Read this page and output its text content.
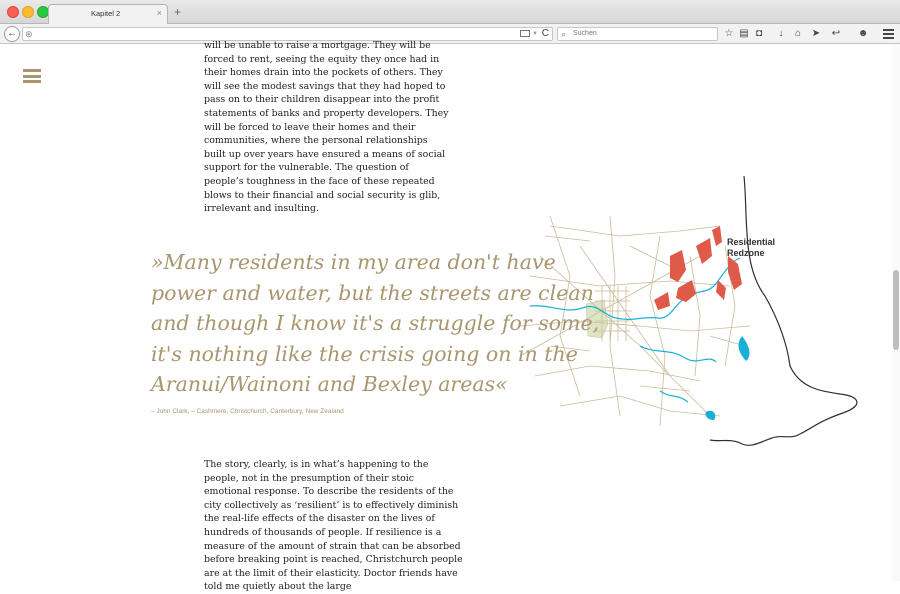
Kapitel 2	× +
← ⊕	▼ C ⌕ Suchen	☆ ▤ ◘	↓	⌂	➤ ↩ ☻

will be unable to raise a mortgage. They will be forced to rent, seeing the equity they once had in their homes drain into the pockets of others. They will see the modest savings that they had hoped to pass on to their children disappear into the profit statements of banks and property developers. They will be forced to leave their homes and their communities, where the personal relationships built up over years have ensured a means of social support for the vulnerable. The question of people’s toughness in the face of these repeated blows to their financial and social security is glib, irrelevant and insulting.

Residential
Redzone

»Many residents in my area don't have power and water, but the streets are clean and though I know it's a struggle for some, it's nothing like the crisis going on in the Aranui/Wainoni and Bexley areas«

– John Clark, – Cashmere, Christchurch, Canterbury, New Zealand

The story, clearly, is in what’s happening to the people, not in the presumption of their stoic emotional response. To describe the residents of the city collectively as ‘resilient’ is to effectively diminish the real-life effects of the disaster on the lives of hundreds of thousands of people. If resilience is a measure of the amount of strain that can be absorbed before breaking point is reached, Christchurch people are at the limit of their elasticity. Doctor friends have told me quietly about the large
